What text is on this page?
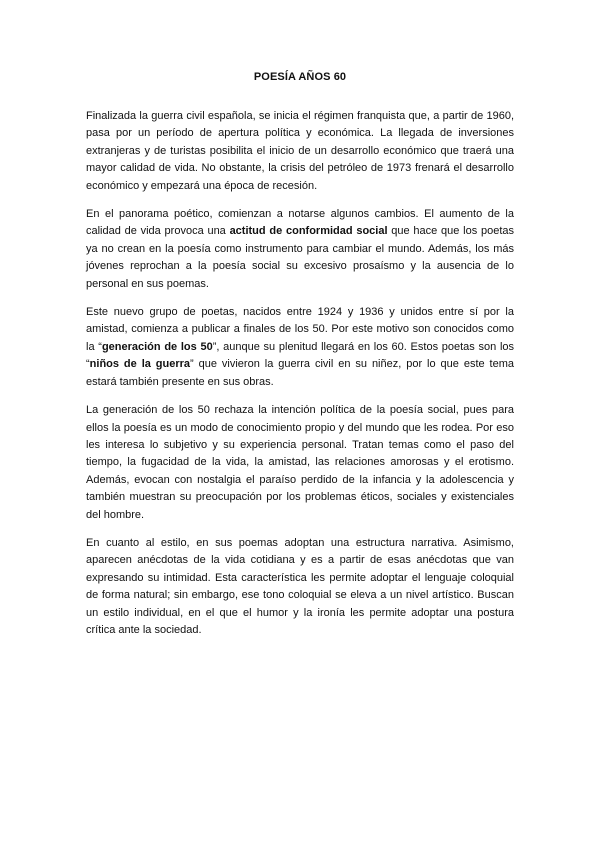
POESÍA AÑOS 60

Finalizada la guerra civil española, se inicia el régimen franquista que, a partir de 1960, pasa por un período de apertura política y económica. La llegada de inversiones extranjeras y de turistas posibilita el inicio de un desarrollo económico que traerá una mayor calidad de vida. No obstante, la crisis del petróleo de 1973 frenará el desarrollo económico y empezará una época de recesión.

En el panorama poético, comienzan a notarse algunos cambios. El aumento de la calidad de vida provoca una actitud de conformidad social que hace que los poetas ya no crean en la poesía como instrumento para cambiar el mundo. Además, los más jóvenes reprochan a la poesía social su excesivo prosaísmo y la ausencia de lo personal en sus poemas.

Este nuevo grupo de poetas, nacidos entre 1924 y 1936 y unidos entre sí por la amistad, comienza a publicar a finales de los 50. Por este motivo son conocidos como la “generación de los 50”, aunque su plenitud llegará en los 60. Estos poetas son los “niños de la guerra” que vivieron la guerra civil en su niñez, por lo que este tema estará también presente en sus obras.

La generación de los 50 rechaza la intención política de la poesía social, pues para ellos la poesía es un modo de conocimiento propio y del mundo que les rodea. Por eso les interesa lo subjetivo y su experiencia personal. Tratan temas como el paso del tiempo, la fugacidad de la vida, la amistad, las relaciones amorosas y el erotismo. Además, evocan con nostalgia el paraíso perdido de la infancia y la adolescencia y también muestran su preocupación por los problemas éticos, sociales y existenciales del hombre.

En cuanto al estilo, en sus poemas adoptan una estructura narrativa. Asimismo, aparecen anécdotas de la vida cotidiana y es a partir de esas anécdotas que van expresando su intimidad. Esta característica les permite adoptar el lenguaje coloquial de forma natural; sin embargo, ese tono coloquial se eleva a un nivel artístico. Buscan un estilo individual, en el que el humor y la ironía les permite adoptar una postura crítica ante la sociedad.
